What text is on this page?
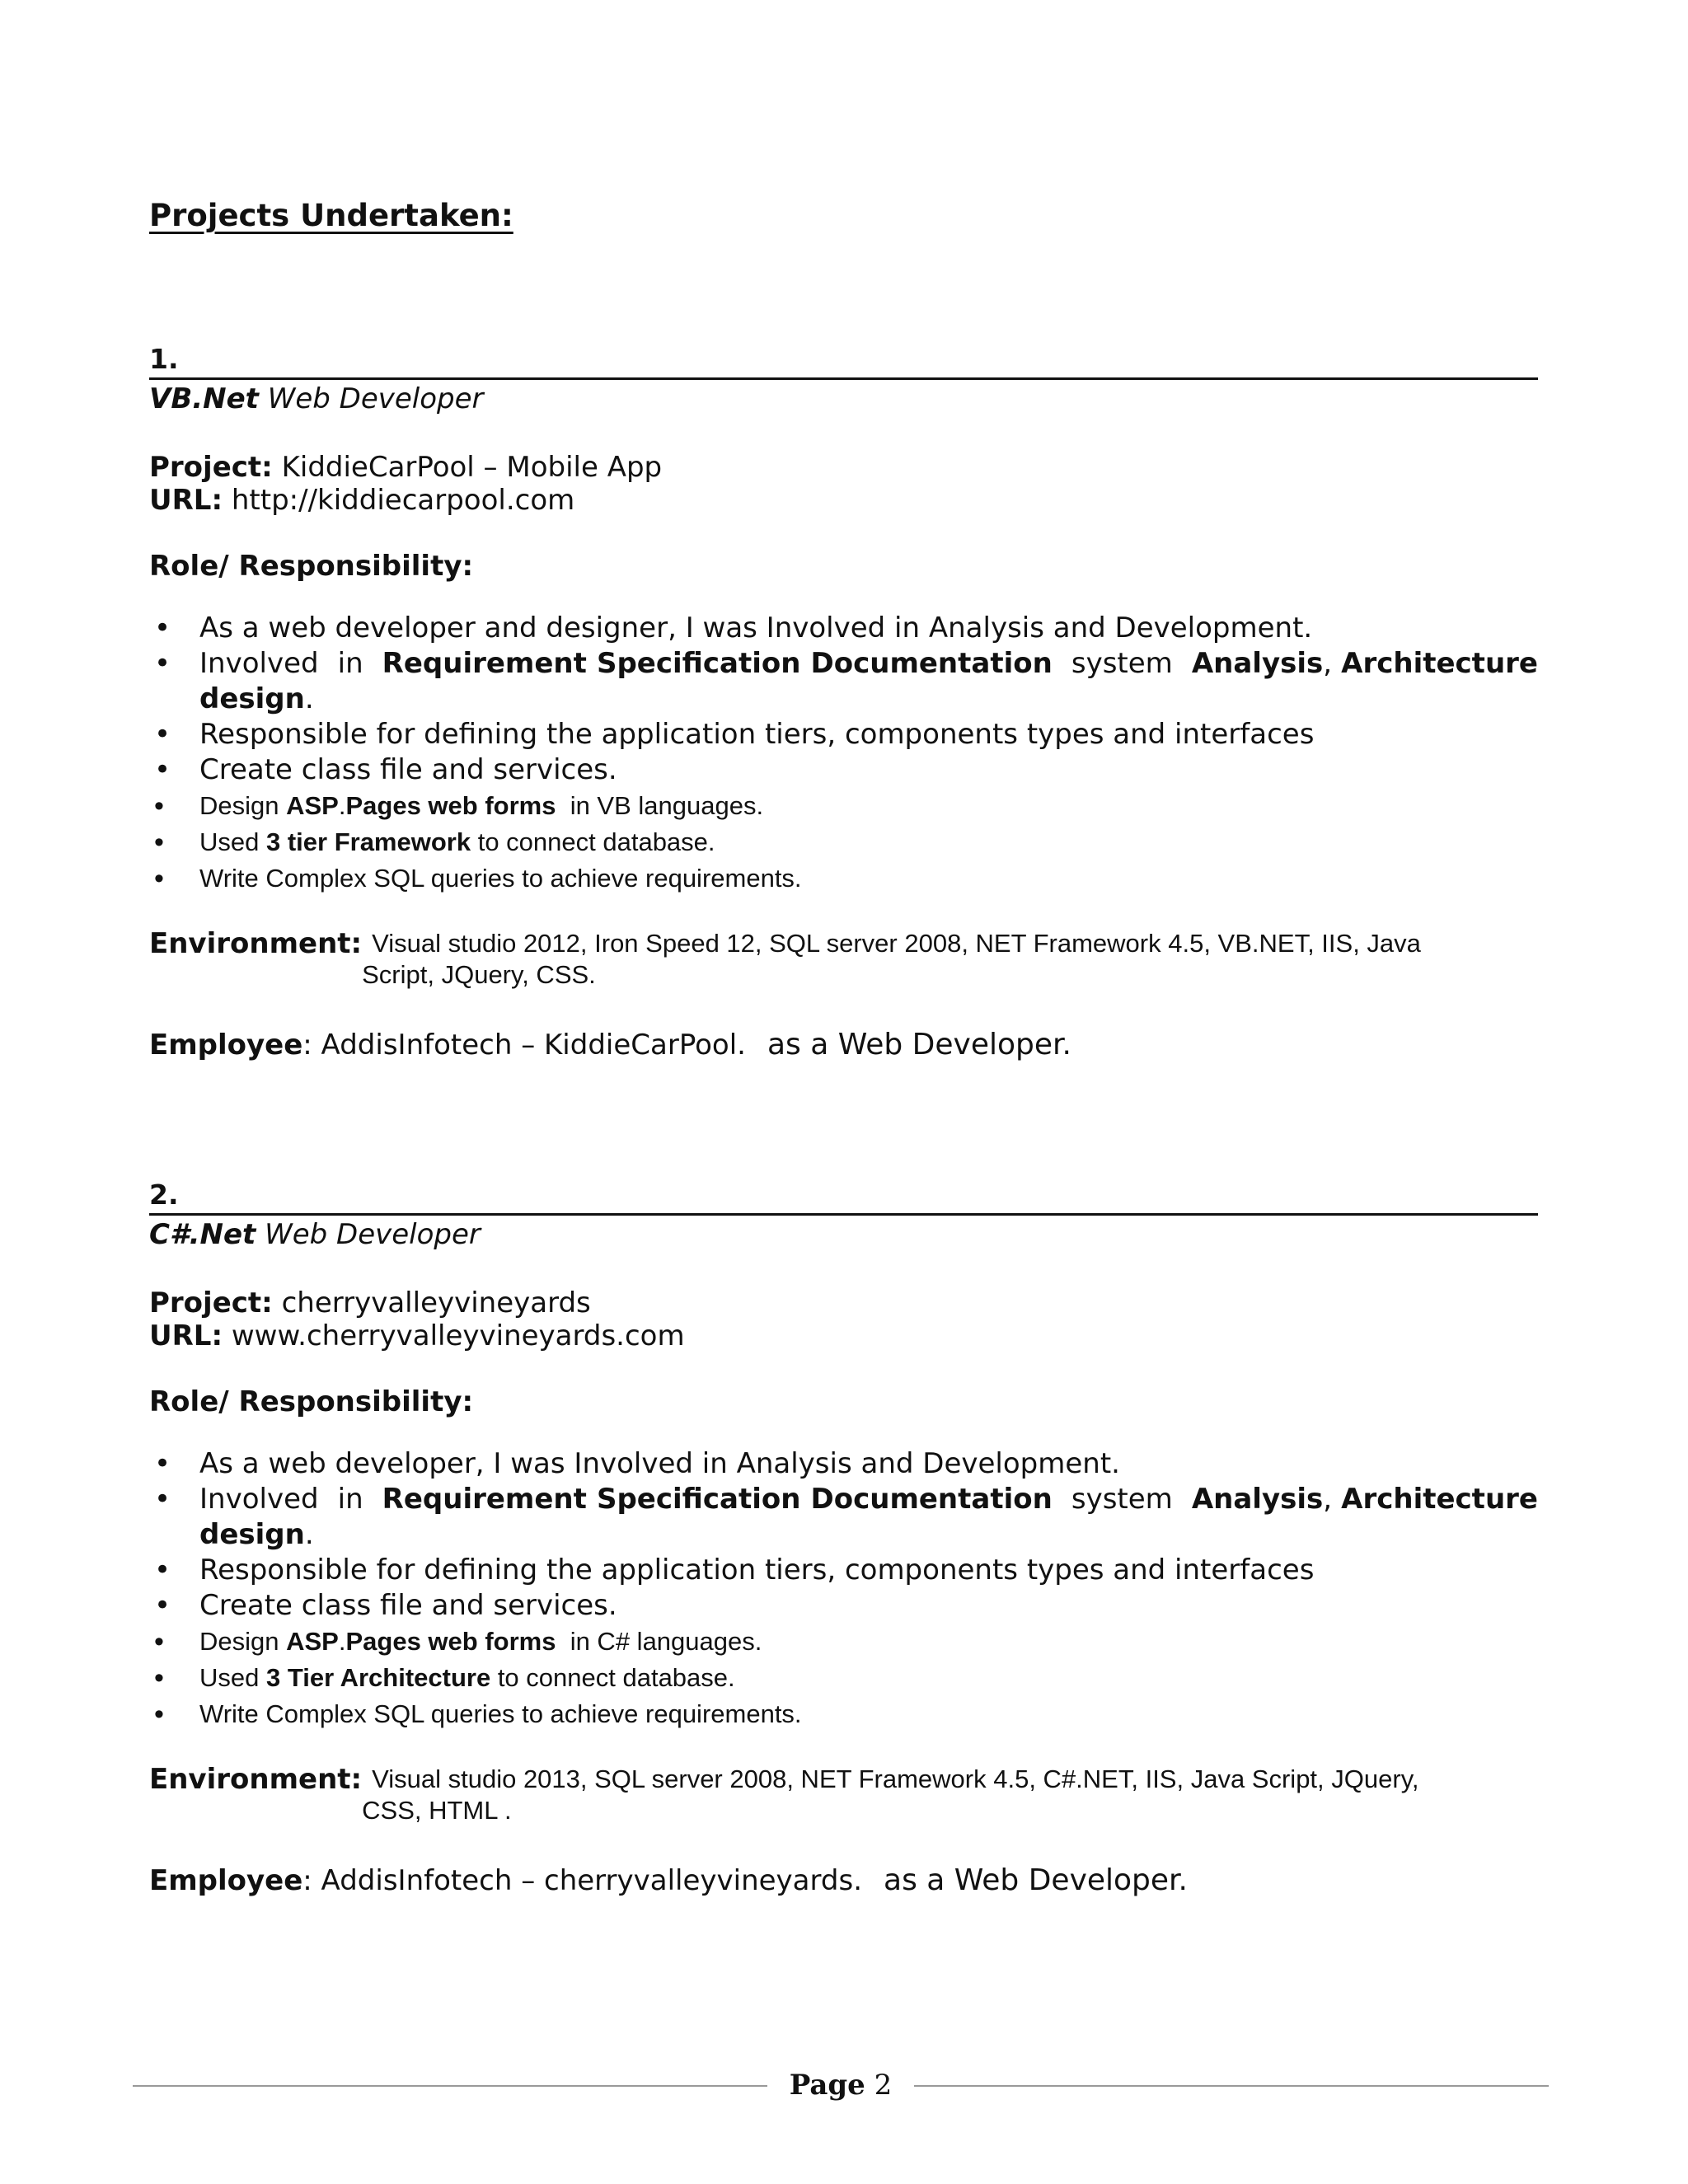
Projects Undertaken:
1.
VB.Net Web Developer
Project: KiddieCarPool – Mobile App
URL: http://kiddiecarpool.com
Role/ Responsibility:
• As a web developer and designer, I was Involved in Analysis and Development.
• Involved in Requirement Specification Documentation system Analysis, Architecture design.
• Responsible for defining the application tiers, components types and interfaces
• Create class file and services.
• Design ASP.Pages web forms  in VB languages.
• Used 3 tier Framework to connect database.
• Write Complex SQL queries to achieve requirements.
Environment: Visual studio 2012, Iron Speed 12, SQL server 2008, NET Framework 4.5, VB.NET, IIS, Java
Script, JQuery, CSS.
Employee: AddisInfotech – KiddieCarPool. as a Web Developer.
2.
C#.Net Web Developer
Project: cherryvalleyvineyards
URL: www.cherryvalleyvineyards.com
Role/ Responsibility:
• As a web developer, I was Involved in Analysis and Development.
• Involved in Requirement Specification Documentation system Analysis, Architecture design.
• Responsible for defining the application tiers, components types and interfaces
• Create class file and services.
• Design ASP.Pages web forms  in C# languages.
• Used 3 Tier Architecture to connect database.
• Write Complex SQL queries to achieve requirements.
Environment: Visual studio 2013, SQL server 2008, NET Framework 4.5, C#.NET, IIS, Java Script, JQuery,
CSS, HTML .
Employee: AddisInfotech – cherryvalleyvineyards. as a Web Developer.
Page 2
